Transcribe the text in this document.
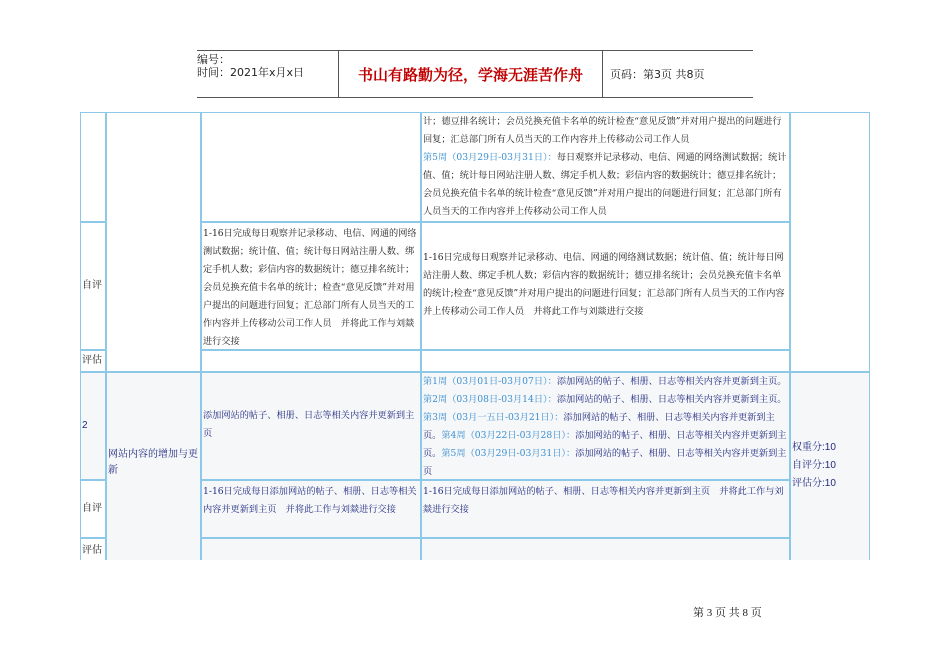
编号：
时间：2021年x月x日	书山有路勤为径，学海无涯苦作舟	页码：第3页 共8页
自评
评估
2
自评
评估
网站内容的增加与更新
1-16日完成每日观察并记录移动、电信、网通的网络测试数据；统计值、值；统计每日网站注册人数、绑定手机人数；彩信内容的数据统计；德豆排名统计；会员兑换充值卡名单的统计；检查“意见反馈”并对用户提出的问题进行回复；汇总部门所有人员当天的工作内容并上传移动公司工作人员　并将此工作与刘燚进行交接
添加网站的帖子、相册、日志等相关内容并更新到主页
1-16日完成每日添加网站的帖子、相册、日志等相关内容并更新到主页　并将此工作与刘燚进行交接
计；德豆排名统计；会员兑换充值卡名单的统计检查“意见反馈”并对用户提出的问题进行回复；汇总部门所有人员当天的工作内容并上传移动公司工作人员
第5周（03月29日-03月31日）：每日观察并记录移动、电信、网通的网络测试数据；统计值、值；统计每日网站注册人数、绑定手机人数；彩信内容的数据统计；德豆排名统计；会员兑换充值卡名单的统计检查“意见反馈”并对用户提出的问题进行回复；汇总部门所有人员当天的工作内容并上传移动公司工作人员
1-16日完成每日观察并记录移动、电信、网通的网络测试数据；统计值、值；统计每日网站注册人数、绑定手机人数；彩信内容的数据统计；德豆排名统计；会员兑换充值卡名单的统计;检查“意见反馈”并对用户提出的问题进行回复；汇总部门所有人员当天的工作内容并上传移动公司工作人员　并将此工作与刘燚进行交接
第1周（03月01日-03月07日）：添加网站的帖子、相册、日志等相关内容并更新到主页。第2周（03月08日-03月14日）：添加网站的帖子、相册、日志等相关内容并更新到主页。第3周（03月一五日-03月21日）：添加网站的帖子、相册、日志等相关内容并更新到主页。第4周（03月22日-03月28日）：添加网站的帖子、相册、日志等相关内容并更新到主页。第5周（03月29日-03月31日）：添加网站的帖子、相册、日志等相关内容并更新到主页
1-16日完成每日添加网站的帖子、相册、日志等相关内容并更新到主页　并将此工作与刘燚进行交接
权重分:10
自评分:10
评估分:10
第 3 页 共 8 页
